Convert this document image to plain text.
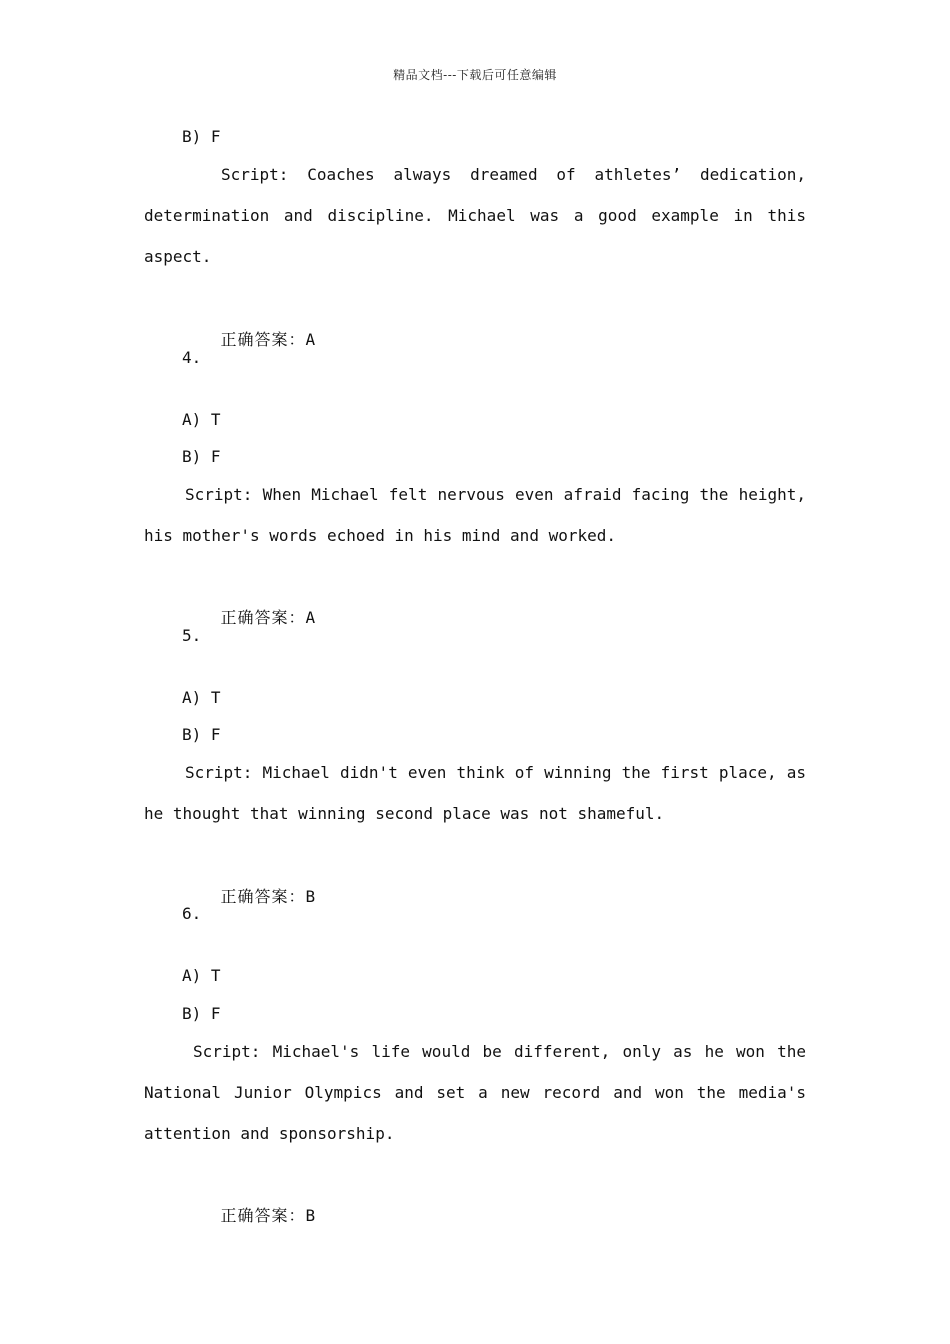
精品文档---下载后可任意编辑
B) F
Script: Coaches always dreamed of athletes’ dedication, determination and discipline. Michael was a good example in this aspect.

正确答案：A

4.
A) T
B) F
Script: When Michael felt nervous even afraid facing the height, his mother's words echoed in his mind and worked.

正确答案：A

5.
A) T
B) F
Script: Michael didn't even think of winning the first place, as he thought that winning second place was not shameful.

正确答案：B

6.
A) T
B) F
Script: Michael's life would be different, only as he won the National Junior Olympics and set a new record and won the media's attention and sponsorship.

正确答案：B
